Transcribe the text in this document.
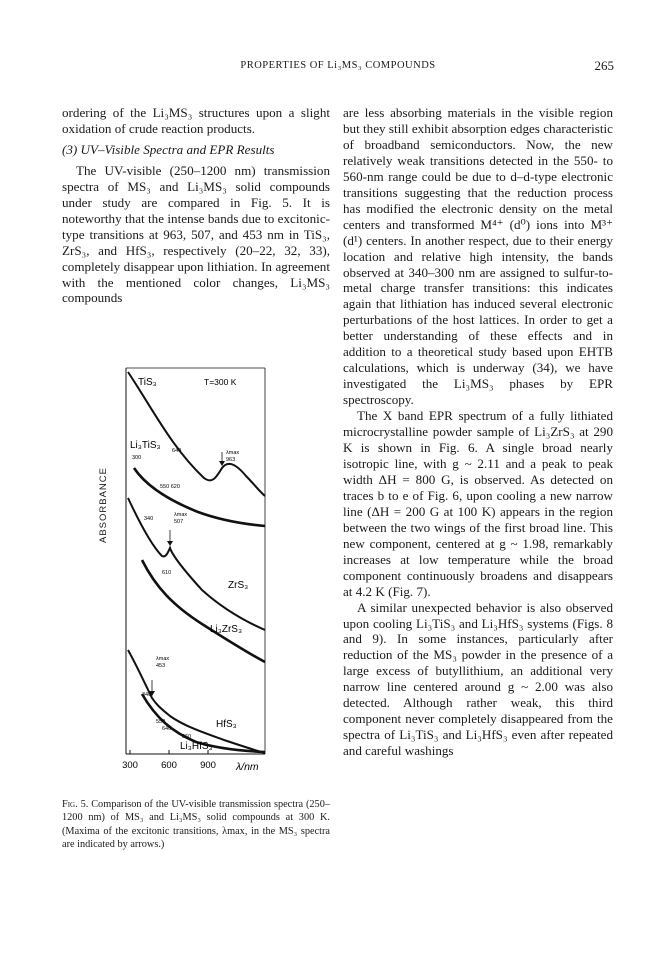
PROPERTIES OF Li₃MS₃ COMPOUNDS	265

ordering of the Li₃MS₃ structures upon a slight oxidation of crude reaction products.

(3) UV–Visible Spectra and EPR Results

The UV-visible (250–1200 nm) transmission spectra of MS₃ and Li₃MS₃ solid compounds under study are compared in Fig. 5. It is noteworthy that the intense bands due to excitonic-type transitions at 963, 507, and 453 nm in TiS₃, ZrS₃, and HfS₃, respectively (20–22, 32, 33), completely disappear upon lithiation. In agreement with the mentioned color changes, Li₃MS₃ compounds

are less absorbing materials in the visible region but they still exhibit absorption edges characteristic of broadband semiconductors. Now, the new relatively weak transitions detected in the 550- to 560-nm range could be due to d–d-type electronic transitions suggesting that the reduction process has modified the electronic density on the metal centers and transformed M⁴⁺ (d⁰) ions into M³⁺ (d¹) centers. In another respect, due to their energy location and relative high intensity, the bands observed at 340–300 nm are assigned to sulfur-to-metal charge transfer transitions: this indicates again that lithiation has induced several electronic perturbations of the host lattices. In order to get a better understanding of these effects and in addition to a theoretical study based upon EHTB calculations, which is underway (34), we have investigated the Li₃MS₃ phases by EPR spectroscopy.

The X band EPR spectrum of a fully lithiated microcrystalline powder sample of Li₃ZrS₃ at 290 K is shown in Fig. 6. A single broad nearly isotropic line, with g ~ 2.11 and a peak to peak width ΔH = 800 G, is observed. As detected on traces b to e of Fig. 6, upon cooling a new narrow line (ΔH = 200 G at 100 K) appears in the region between the two wings of the first broad line. This new component, centered at g ~ 1.98, remarkably increases at low temperature while the broad component continuously broadens and disappears at 4.2 K (Fig. 7).

A similar unexpected behavior is also observed upon cooling Li₃TiS₃ and Li₃HfS₃ systems (Figs. 8 and 9). In some instances, particularly after reduction of the MS₃ powder in the presence of a large excess of butyllithium, an additional very narrow line centered around g ~ 2.00 was also detected. Although rather weak, this third component never completely disappeared from the spectra of Li₃TiS₃ and Li₃HfS₃ even after repeated and careful washings

ABSORBANCE
TiS₃	T=300 K
Li₃TiS₃ 640
300
λmax
963
550 620
340
λmax
507
610
ZrS₃
Li₃ZrS₃
λmax
453
340
550
640	HfS₃
660
Li₃HfS₃
300 600 900 λ/nm
Fig. 5. Comparison of the UV-visible transmission spectra (250–1200 nm) of MS₃ and Li₃MS₃ solid compounds at 300 K. (Maxima of the excitonic transitions, λmax, in the MS₃ spectra are indicated by arrows.)
